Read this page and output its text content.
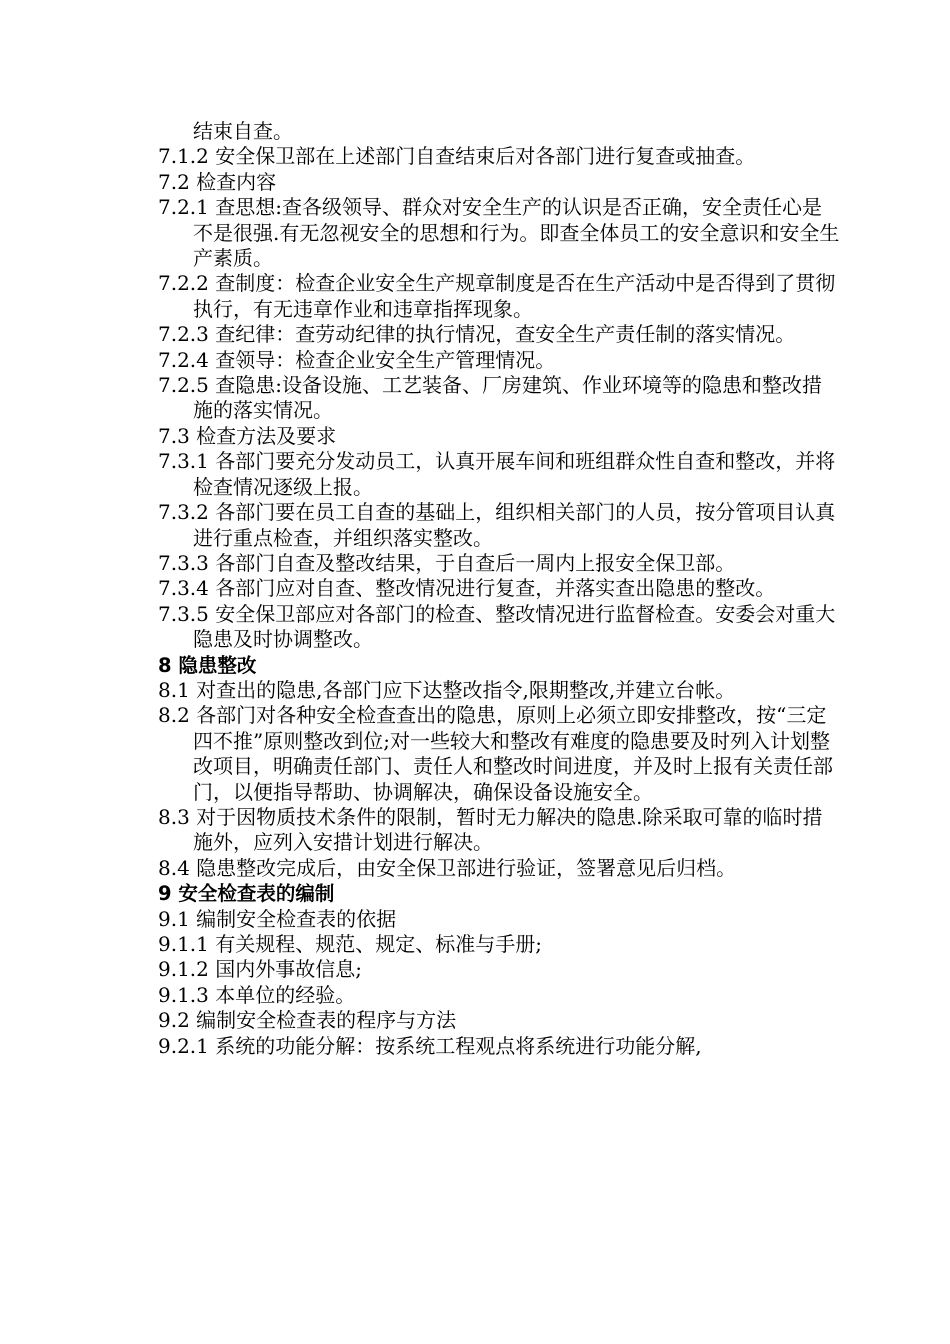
结束自查。

7.1.2 安全保卫部在上述部门自查结束后对各部门进行复查或抽查。

7.2 检查内容

7.2.1 查思想:查各级领导、群众对安全生产的认识是否正确，安全责任心是不是很强.有无忽视安全的思想和行为。即查全体员工的安全意识和安全生产素质。

7.2.2 查制度：检查企业安全生产规章制度是否在生产活动中是否得到了贯彻执行，有无违章作业和违章指挥现象。

7.2.3 查纪律：查劳动纪律的执行情况，查安全生产责任制的落实情况。

7.2.4 查领导：检查企业安全生产管理情况。

7.2.5 查隐患:设备设施、工艺装备、厂房建筑、作业环境等的隐患和整改措施的落实情况。

7.3 检查方法及要求

7.3.1 各部门要充分发动员工，认真开展车间和班组群众性自查和整改，并将检查情况逐级上报。

7.3.2 各部门要在员工自查的基础上，组织相关部门的人员，按分管项目认真进行重点检查，并组织落实整改。

7.3.3 各部门自查及整改结果，于自查后一周内上报安全保卫部。

7.3.4 各部门应对自查、整改情况进行复查，并落实查出隐患的整改。

7.3.5 安全保卫部应对各部门的检查、整改情况进行监督检查。安委会对重大隐患及时协调整改。

8 隐患整改

8.1 对查出的隐患,各部门应下达整改指令,限期整改,并建立台帐。

8.2 各部门对各种安全检查查出的隐患，原则上必须立即安排整改，按“三定四不推”原则整改到位;对一些较大和整改有难度的隐患要及时列入计划整改项目，明确责任部门、责任人和整改时间进度，并及时上报有关责任部门，以便指导帮助、协调解决，确保设备设施安全。

8.3 对于因物质技术条件的限制，暂时无力解决的隐患.除采取可靠的临时措施外，应列入安措计划进行解决。

8.4 隐患整改完成后，由安全保卫部进行验证，签署意见后归档。

9 安全检查表的编制

9.1 编制安全检查表的依据

9.1.1 有关规程、规范、规定、标准与手册;

9.1.2 国内外事故信息;

9.1.3 本单位的经验。

9.2 编制安全检查表的程序与方法

9.2.1 系统的功能分解：按系统工程观点将系统进行功能分解,
